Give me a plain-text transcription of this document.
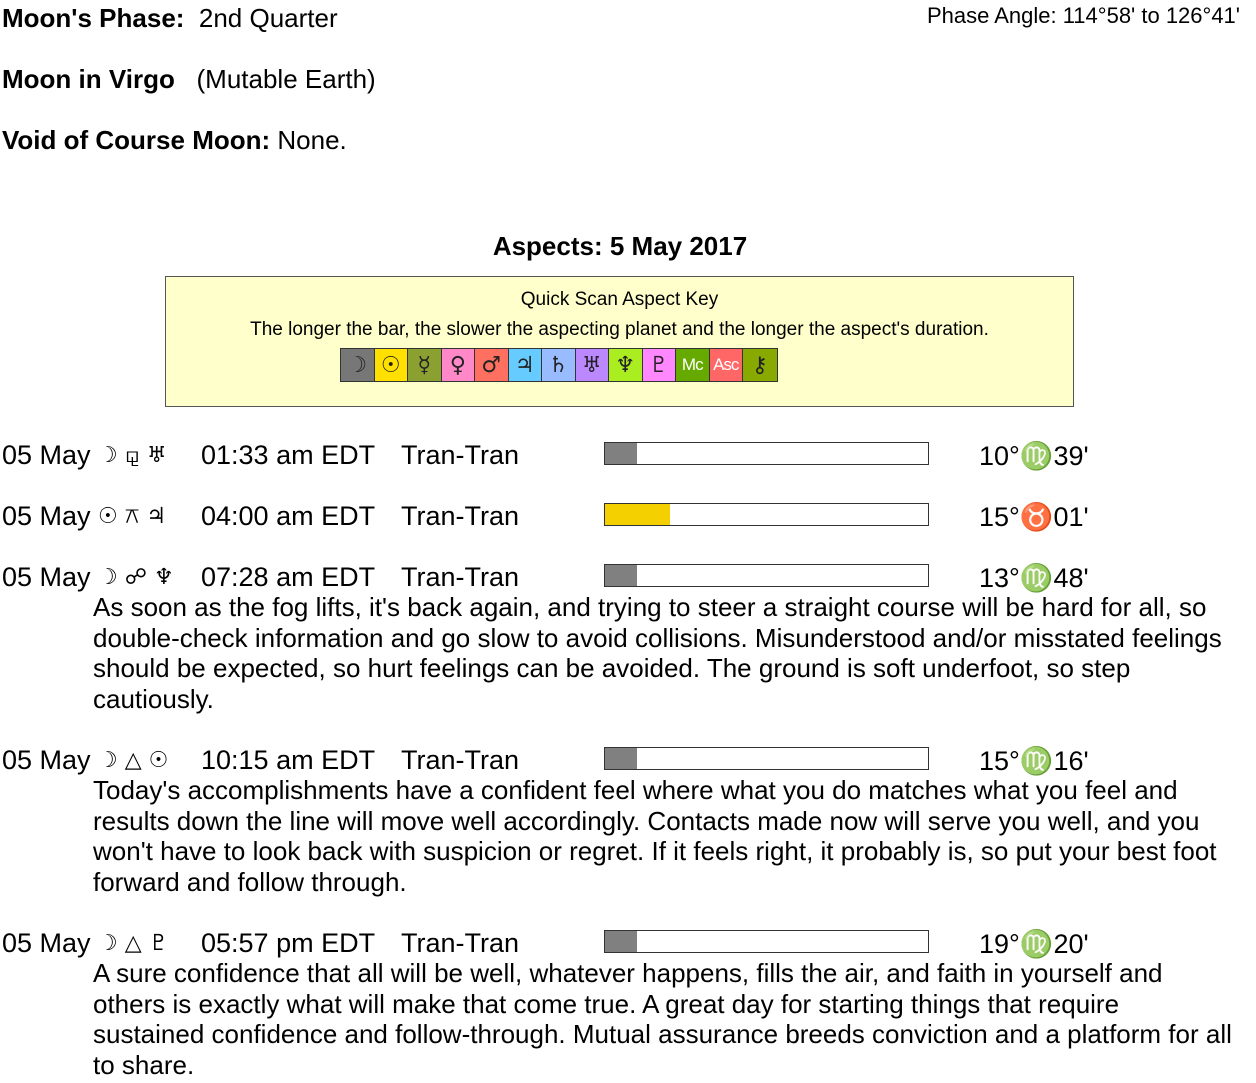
Moon's Phase: 2nd Quarter	Phase Angle: 114°58' to 126°41'
Moon in Virgo (Mutable Earth)
Void of Course Moon: None.
Aspects: 5 May 2017
Quick Scan Aspect Key
The longer the bar, the slower the aspecting planet and the longer the aspect's duration.
☽ ☉ ☿ ♀ ♂ ♃ ♄ ♅ ♆ ♇ Mc Asc ⚷
05 May ☽ ⚼ ♅ 01:33 am EDT Tran-Tran	10°♍39'
05 May ☉ ⚻ ♃ 04:00 am EDT Tran-Tran	15°♉01'
05 May ☽ ☍ ♆ 07:28 am EDT Tran-Tran	13°♍48'
As soon as the fog lifts, it's back again, and trying to steer a straight course will be hard for all, so double-check information and go slow to avoid collisions. Misunderstood and/or misstated feelings should be expected, so hurt feelings can be avoided. The ground is soft underfoot, so step cautiously.
05 May ☽ △ ☉ 10:15 am EDT Tran-Tran	15°♍16'
Today's accomplishments have a confident feel where what you do matches what you feel and results down the line will move well accordingly. Contacts made now will serve you well, and you won't have to look back with suspicion or regret. If it feels right, it probably is, so put your best foot forward and follow through.
05 May ☽ △ ♇ 05:57 pm EDT Tran-Tran	19°♍20'
A sure confidence that all will be well, whatever happens, fills the air, and faith in yourself and others is exactly what will make that come true. A great day for starting things that require sustained confidence and follow-through. Mutual assurance breeds conviction and a platform for all to share.
